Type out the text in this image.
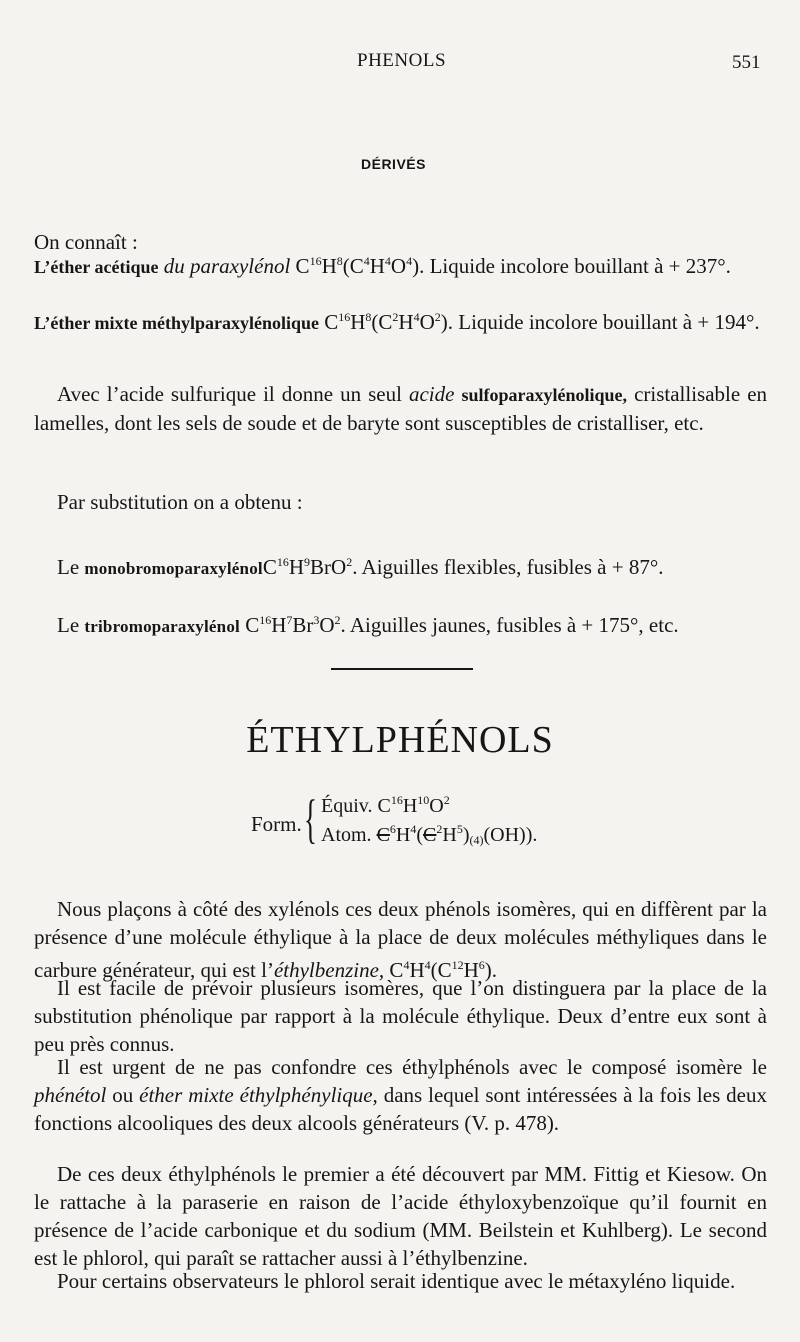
PHENOLS	551
DÉRIVÉS
On connaît :
L’éther acétique du paraxylénol $C^{16}H^8(C^4H^4O^4)$. Liquide incolore bouillant à + 237°.
L’éther mixte méthylparaxylénolique $C^{16}H^8(C^2H^4O^2)$. Liquide incolore bouillant à + 194°.
Avec l’acide sulfurique il donne un seul acide sulfoparaxylénolique, cristallisable en lamelles, dont les sels de soude et de baryte sont susceptibles de cristalliser, etc.
Par substitution on a obtenu :
Le $monobromoparaxylénolC^{16}H^9BrO^2$. Aiguilles flexibles, fusibles à + 87°.
Le tribromoparaxylénol $C^{16}H^7Br^3O^2$. Aiguilles jaunes, fusibles à + 175°, etc.
ÉTHYLPHÉNOLS
Form. { Équiv. $C^{16}H^{10}O^2$
Atom. $C^6H^4(C^2H^5)_{(4)}(OH)$).
Nous plaçons à côté des xylénols ces deux phénols isomères, qui en diffèrent par la présence d’une molécule éthylique à la place de deux molécules méthyliques dans le carbure générateur, qui est l’éthylbenzine, $C^4H^4(C^{12}H^6)$.
Il est facile de prévoir plusieurs isomères, que l’on distinguera par la place de la substitution phénolique par rapport à la molécule éthylique. Deux d’entre eux sont à peu près connus.
Il est urgent de ne pas confondre ces éthylphénols avec le composé isomère le phénétol ou éther mixte éthylphénylique, dans lequel sont intéressées à la fois les deux fonctions alcooliques des deux alcools générateurs (V. p. 478).
De ces deux éthylphénols le premier a été découvert par MM. Fittig et Kiesow. On le rattache à la paraserie en raison de l’acide éthyloxybenzoïque qu’il fournit en présence de l’acide carbonique et du sodium (MM. Beilstein et Kuhlberg). Le second est le phlorol, qui paraît se rattacher aussi à l’éthylbenzine.
Pour certains observateurs le phlorol serait identique avec le métaxyléno liquide.
